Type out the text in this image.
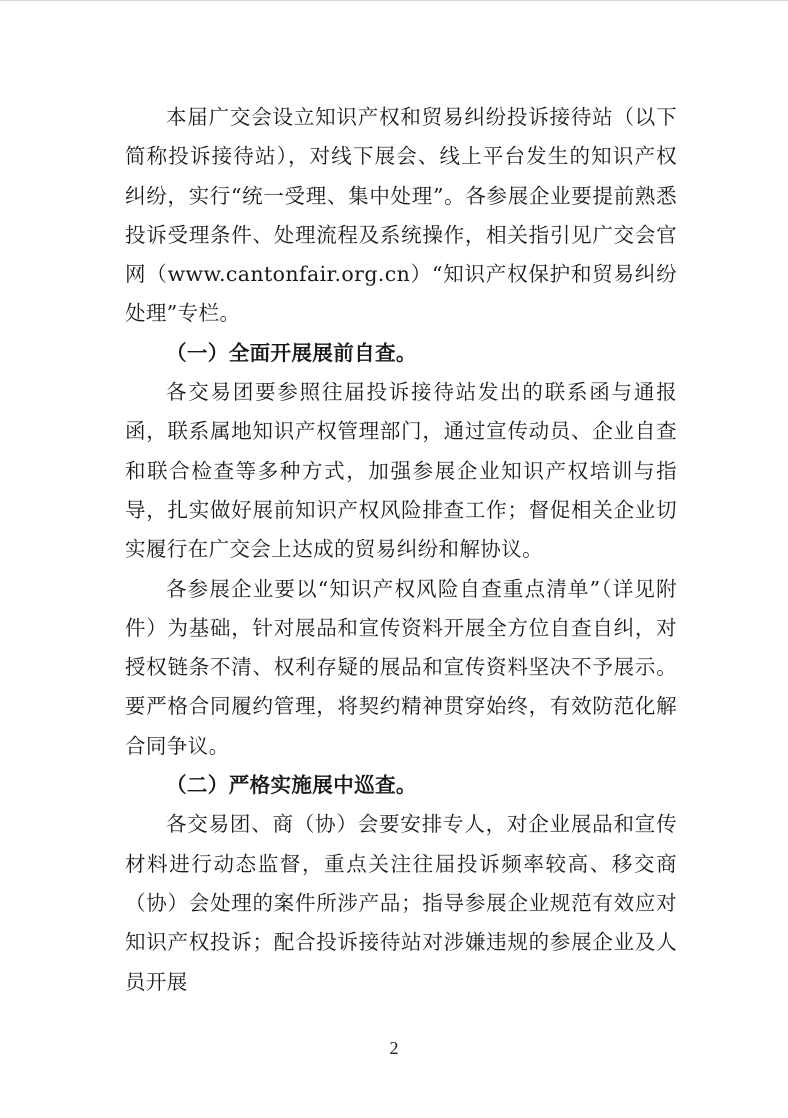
本届广交会设立知识产权和贸易纠纷投诉接待站（以下简称投诉接待站），对线下展会、线上平台发生的知识产权纠纷，实行“统一受理、集中处理”。各参展企业要提前熟悉投诉受理条件、处理流程及系统操作，相关指引见广交会官网（www.cantonfair.org.cn）“知识产权保护和贸易纠纷处理”专栏。

（一）全面开展展前自查。

各交易团要参照往届投诉接待站发出的联系函与通报函，联系属地知识产权管理部门，通过宣传动员、企业自查和联合检查等多种方式，加强参展企业知识产权培训与指导，扎实做好展前知识产权风险排查工作；督促相关企业切实履行在广交会上达成的贸易纠纷和解协议。

各参展企业要以“知识产权风险自查重点清单”（详见附件）为基础，针对展品和宣传资料开展全方位自查自纠，对授权链条不清、权利存疑的展品和宣传资料坚决不予展示。要严格合同履约管理，将契约精神贯穿始终，有效防范化解合同争议。

（二）严格实施展中巡查。

各交易团、商（协）会要安排专人，对企业展品和宣传材料进行动态监督，重点关注往届投诉频率较高、移交商（协）会处理的案件所涉产品；指导参展企业规范有效应对知识产权投诉；配合投诉接待站对涉嫌违规的参展企业及人员开展

2
